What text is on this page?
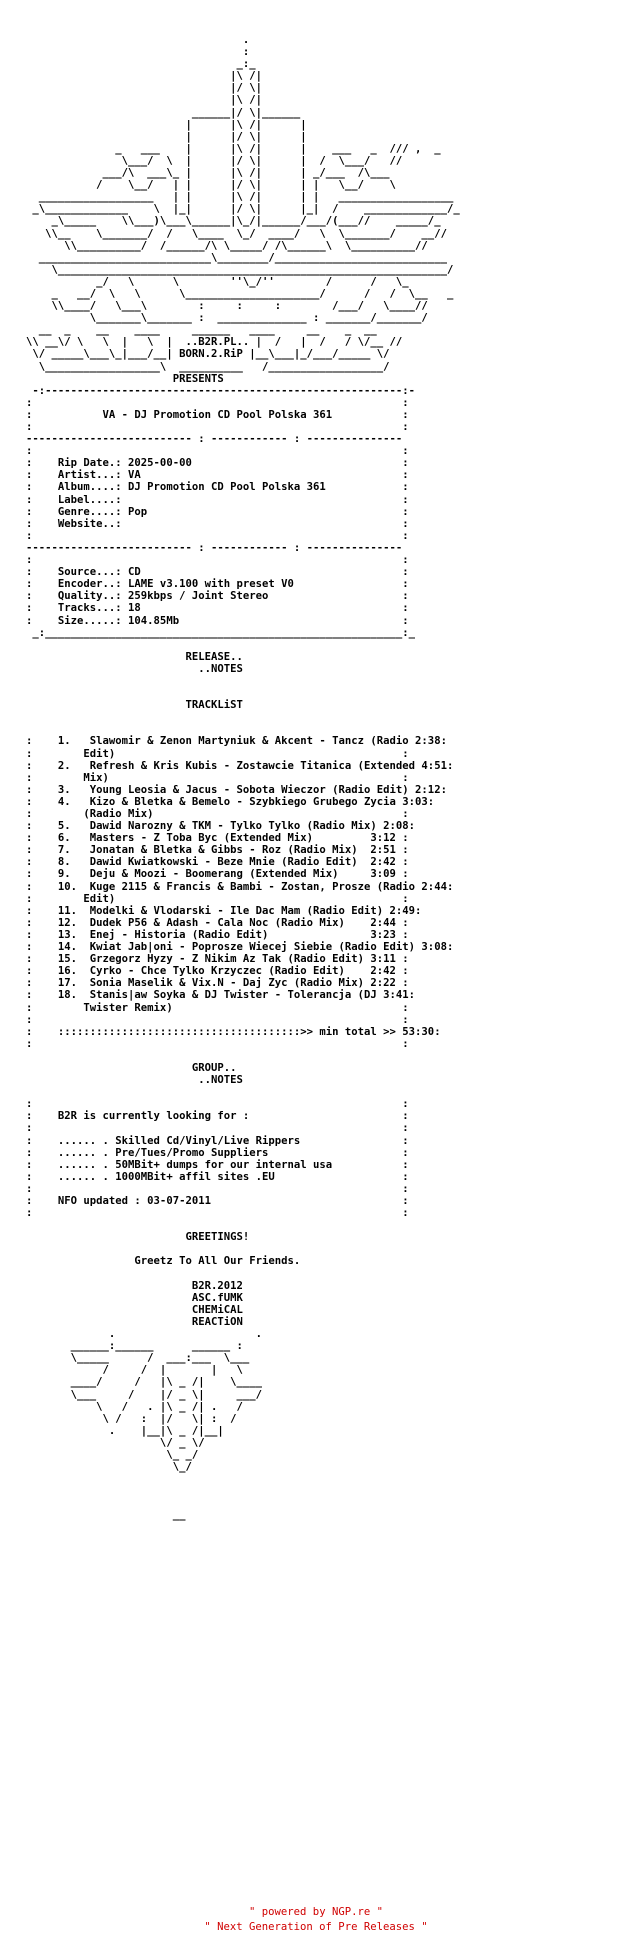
.
:
_:_
|\ /|
|/ \|
|\ /|
______|/ \|______
|      |\ /|      |
|      |/ \|      |
_   ___    |      |\ /|      |    ___   _  /// ,  _
\___/  \  |      |/ \|      |  /  \___/   //
___/\  ___\_ |      |\ /|      | _/___  /\___
/    \__/   | |      |/ \|      | |   \__/    \
__________________   | |      |\ /|      | |   __________________
_\_____________    \  |_|      |/ \|      |_|  /    _____________/_
_\_____    \\___)\___\______|\_/|______/___/(___//    _____/_
\\__    \_______/  /   \____  \_/  ____/   \  \_______/    __//
\\__________/  /______/\ \_____/ /\______\  \__________//
___________________________\________/___________________________
\_____________________________________________________________/
_/   \      \        ''\_/''        /      /   \_
_   __/  \   \      \_____________________/      /   /  \__   _
\\____/   \___\        :     :     :        /___/   \____//
\_______\_______ :  ______________ : _______/_______/
__  _    __    ____     ______   ____     __    _  __
\\ __\/ \   \  |   \  |  ..B2R.PL.. |  /   |  /   / \/__ //
\/ _____\___\_|___/__| BORN.2.RiP |__\___|_/___/_____ \/
\__________________\  __________   /__________________/
PRESENTS
-:--------------------------------------------------------:-
:                                                          :
:           VA - DJ Promotion CD Pool Polska 361           :
:                                                          :
-------------------------- : ------------ : ---------------
:                                                          :
:    Rip Date.: 2025-00-00                                 :
:    Artist...: VA                                         :
:    Album....: DJ Promotion CD Pool Polska 361            :
:    Label....:                                            :
:    Genre....: Pop                                        :
:    Website..:                                            :
:                                                          :
-------------------------- : ------------ : ---------------
:                                                          :
:    Source...: CD                                         :
:    Encoder..: LAME v3.100 with preset V0                 :
:    Quality..: 259kbps / Joint Stereo                     :
:    Tracks...: 18                                         :
:    Size.....: 104.85Mb                                   :
_:________________________________________________________:_

RELEASE..
..NOTES

TRACKLiST

:    1.   Slawomir & Zenon Martyniuk & Akcent - Tancz (Radio 2:38:
:        Edit)                                             :
:    2.   Refresh & Kris Kubis - Zostawcie Titanica (Extended 4:51:
:        Mix)                                              :
:    3.   Young Leosia & Jacus - Sobota Wieczor (Radio Edit) 2:12:
:    4.   Kizo & Bletka & Bemelo - Szybkiego Grubego Zycia 3:03:
:        (Radio Mix)                                       :
:    5.   Dawid Narozny & TKM - Tylko Tylko (Radio Mix) 2:08:
:    6.   Masters - Z Toba Byc (Extended Mix)         3:12 :
:    7.   Jonatan & Bletka & Gibbs - Roz (Radio Mix)  2:51 :
:    8.   Dawid Kwiatkowski - Beze Mnie (Radio Edit)  2:42 :
:    9.   Deju & Moozi - Boomerang (Extended Mix)     3:09 :
:    10.  Kuge 2115 & Francis & Bambi - Zostan, Prosze (Radio 2:44:
:        Edit)                                             :
:    11.  Modelki & Vlodarski - Ile Dac Mam (Radio Edit) 2:49:
:    12.  Dudek P56 & Adash - Cala Noc (Radio Mix)    2:44 :
:    13.  Enej - Historia (Radio Edit)                3:23 :
:    14.  Kwiat Jab|oni - Poprosze Wiecej Siebie (Radio Edit) 3:08:
:    15.  Grzegorz Hyzy - Z Nikim Az Tak (Radio Edit) 3:11 :
:    16.  Cyrko - Chce Tylko Krzyczec (Radio Edit)    2:42 :
:    17.  Sonia Maselik & Vix.N - Daj Zyc (Radio Mix) 2:22 :
:    18.  Stanis|aw Soyka & DJ Twister - Tolerancja (DJ 3:41:
:        Twister Remix)                                    :
:                                                          :
:    ::::::::::::::::::::::::::::::::::::::>> min total >> 53:30:
:                                                          :

GROUP..
..NOTES

:                                                          :
:    B2R is currently looking for :                        :
:                                                          :
:    ...... . Skilled Cd/Vinyl/Live Rippers                :
:    ...... . Pre/Tues/Promo Suppliers                     :
:    ...... . 50MBit+ dumps for our internal usa           :
:    ...... . 1000MBit+ affil sites .EU                    :
:                                                          :
:    NFO updated : 03-07-2011                              :
:                                                          :

GREETINGS!

Greetz To All Our Friends.

B2R.2012
ASC.fUMK
CHEMiCAL
REACTiON
.                      .
______:______      ______ :
\_____      /  ___:___  \___
/     /  |       |   \
____/     /   |\ _ /|    \____
\___     /    |/ _ \|     ___/
\   /   . |\ _ /| .   /
\ /   :  |/   \| :  /
.    |__|\ _ /|__|
\/ _ \/
\_ _/
\_/

__
" powered by NGP.re "
" Next Generation of Pre Releases "
